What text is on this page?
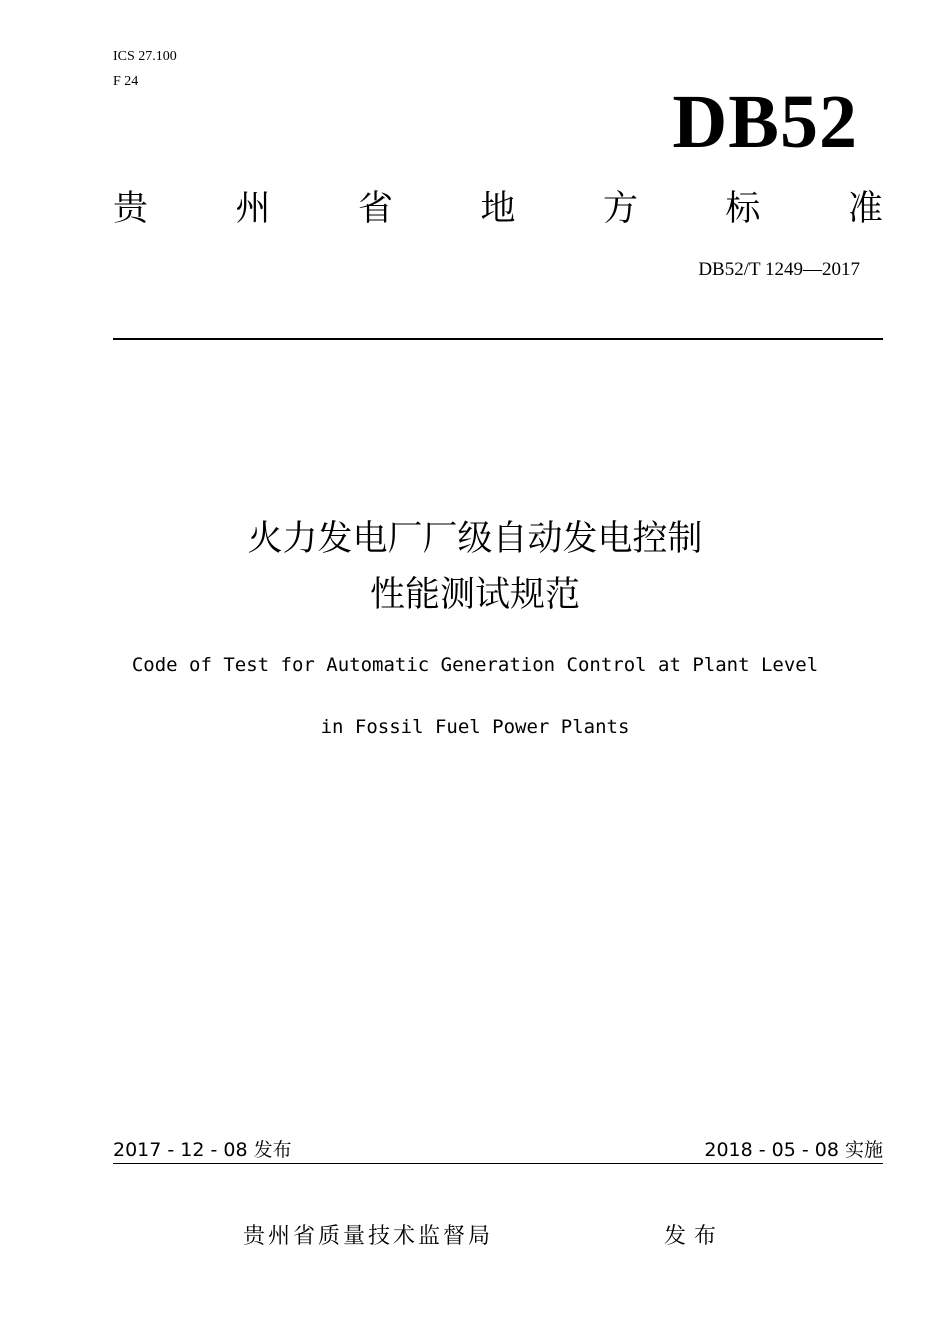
ICS 27.100
F 24	DB52
贵 州 省 地 方 标 准
DB52/T 1249—2017
火力发电厂厂级自动发电控制
性能测试规范
Code of Test for Automatic Generation Control at Plant Level
in Fossil Fuel Power Plants
2017 - 12 - 08 发布	2018 - 05 - 08 实施
贵州省质量技术监督局	发布
